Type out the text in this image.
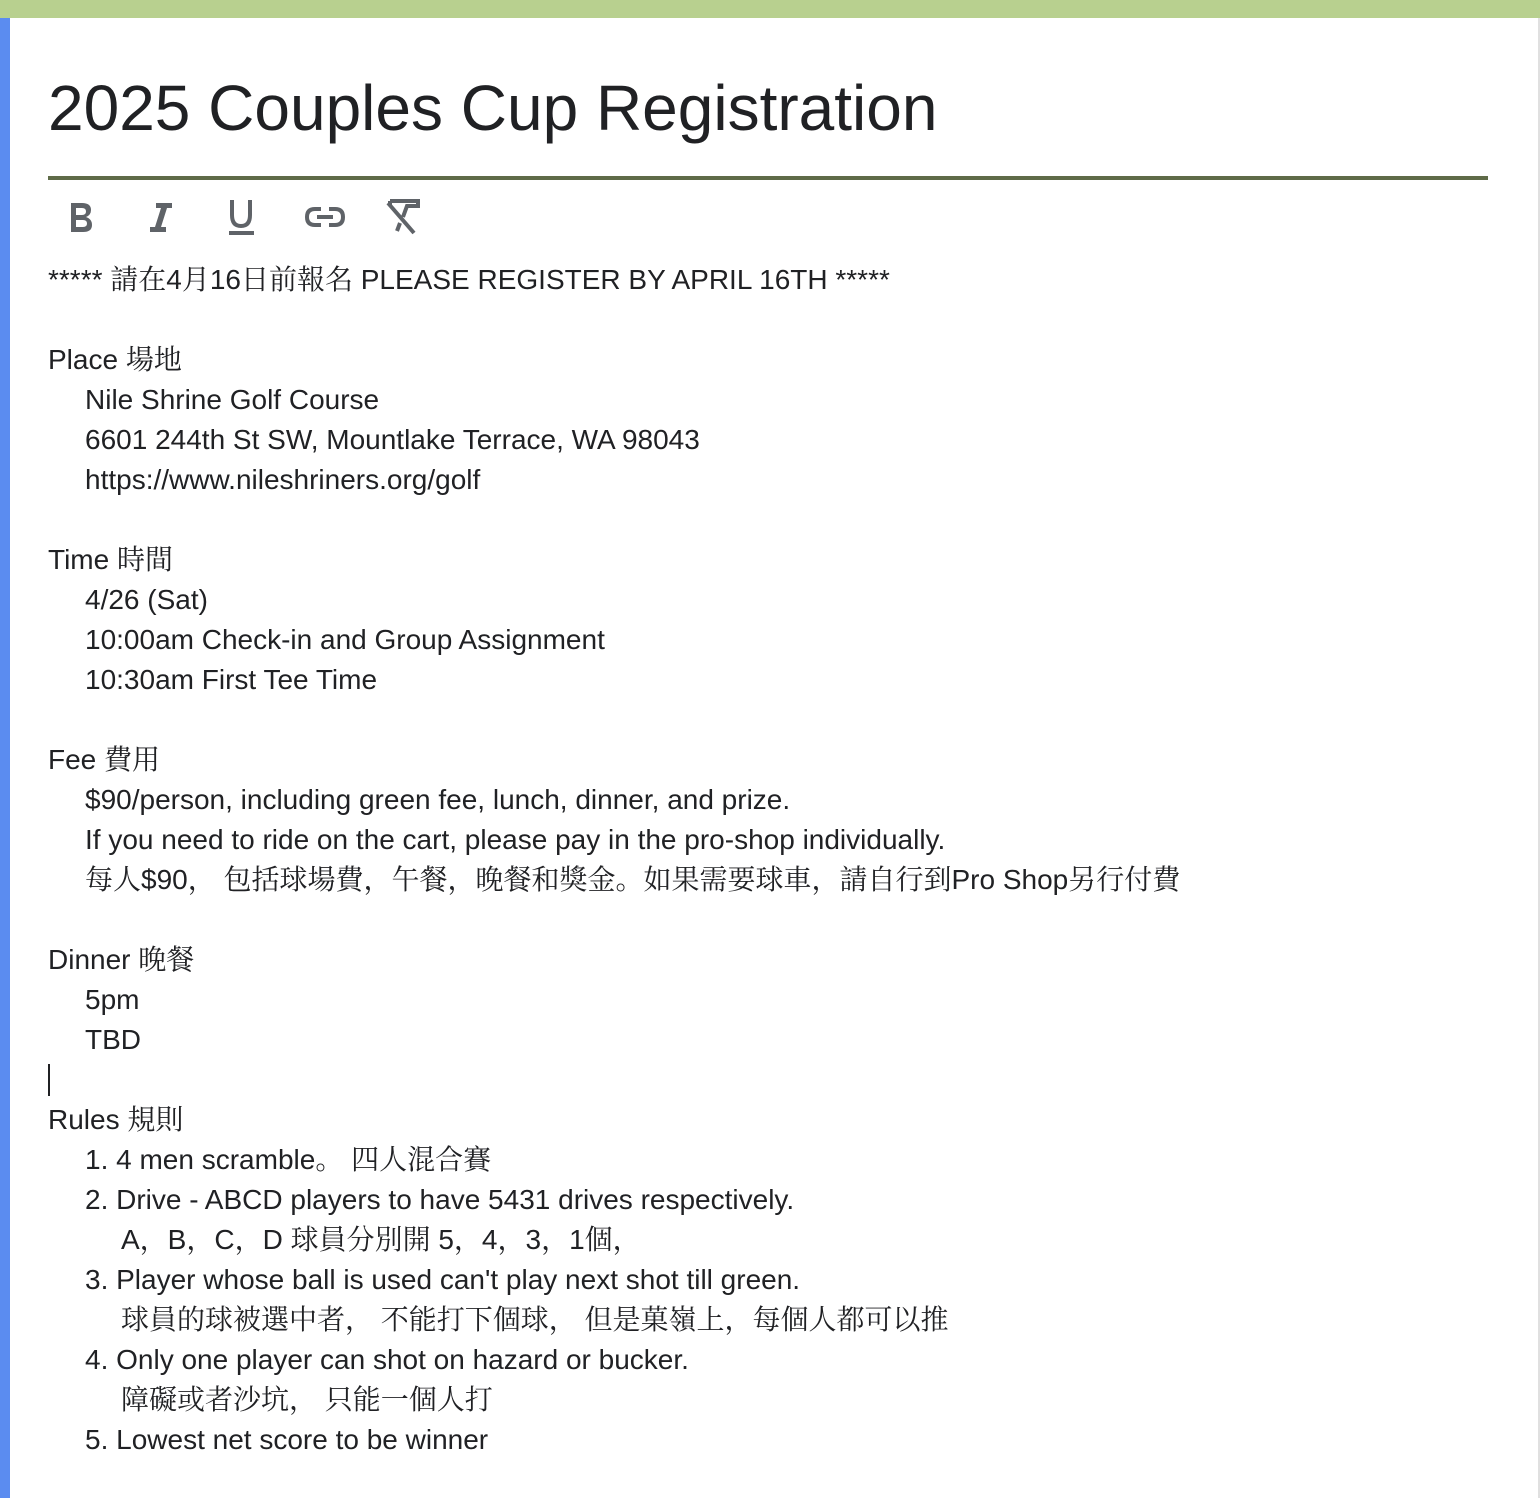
2025 Couples Cup Registration
***** 請在4月16日前報名 PLEASE REGISTER BY APRIL 16TH *****
Place 場地
Nile Shrine Golf Course
6601 244th St SW, Mountlake Terrace, WA 98043
https://www.nileshriners.org/golf
Time 時間
4/26 (Sat)
10:00am Check-in and Group Assignment
10:30am First Tee Time
Fee 費用
$90/person, including green fee, lunch, dinner, and prize.
If you need to ride on the cart, please pay in the pro-shop individually.
每人$90， 包括球場費，午餐，晚餐和獎金。如果需要球車，請自行到Pro Shop另行付費
Dinner 晚餐
5pm
TBD
Rules 規則
1. 4 men scramble。 四人混合賽
2. Drive - ABCD players to have 5431 drives respectively.
A，B，C，D 球員分別開 5，4，3，1個，
3. Player whose ball is used can't play next shot till green.
球員的球被選中者， 不能打下個球， 但是菓嶺上，每個人都可以推
4. Only one player can shot on hazard or bucker.
障礙或者沙坑， 只能一個人打
5. Lowest net score to be winner
